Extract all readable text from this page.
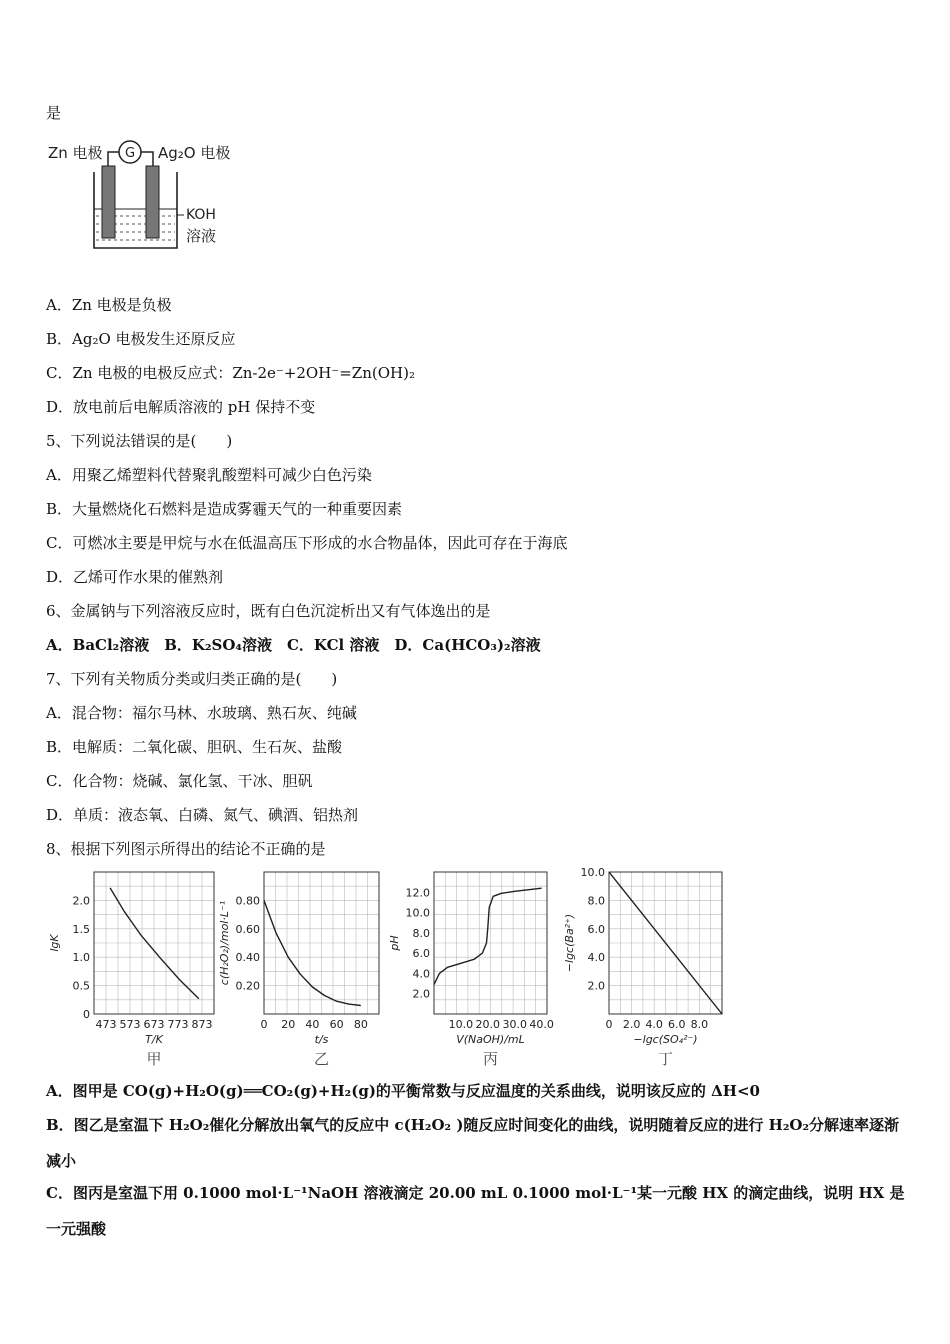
是
Zn 电极 G Ag₂O 电极
KOH
溶液
A．Zn 电极是负极
B．Ag₂O 电极发生还原反应
C．Zn 电极的电极反应式：Zn-2e⁻+2OH⁻=Zn(OH)₂
D．放电前后电解质溶液的 pH 保持不变
5、下列说法错误的是(　　)
A．用聚乙烯塑料代替聚乳酸塑料可减少白色污染
B．大量燃烧化石燃料是造成雾霾天气的一种重要因素
C．可燃冰主要是甲烷与水在低温高压下形成的水合物晶体，因此可存在于海底
D．乙烯可作水果的催熟剂
6、金属钠与下列溶液反应时，既有白色沉淀析出又有气体逸出的是
A．BaCl₂溶液　B．K₂SO₄溶液　C．KCl 溶液　D．Ca(HCO₃)₂溶液
7、下列有关物质分类或归类正确的是(　　)
A．混合物：福尔马林、水玻璃、熟石灰、纯碱
B．电解质：二氧化碳、胆矾、生石灰、盐酸
C．化合物：烧碱、氯化氢、干冰、胆矾
D．单质：液态氧、白磷、氮气、碘酒、铝热剂
8、根据下列图示所得出的结论不正确的是
473 573 673 773 873
0
0.5
1.0
1.5
2.0
T/K
lgK
甲
0 20 40 60 80
0.20
0.40
0.60
0.80
t/s
c(H₂O₂)/mol·L⁻¹
乙
10.0 20.0 30.0 40.0
2.0
4.0
6.0
8.0
10.0
12.0
V(NaOH)/mL
pH
丙
0 2.0 4.0 6.0 8.0
2.0
4.0
6.0
8.0
10.0
−lgc(SO₄²⁻)
−lgc(Ba²⁺)
丁
A．图甲是 CO(g)+H₂O(g)══CO₂(g)+H₂(g)的平衡常数与反应温度的关系曲线，说明该反应的 ΔH<0
B．图乙是室温下 H₂O₂催化分解放出氧气的反应中 c(H₂O₂ )随反应时间变化的曲线，说明随着反应的进行 H₂O₂分解速率逐渐减小
C．图丙是室温下用 0.1000 mol·L⁻¹NaOH 溶液滴定 20.00 mL 0.1000 mol·L⁻¹某一元酸 HX 的滴定曲线，说明 HX 是一元强酸
